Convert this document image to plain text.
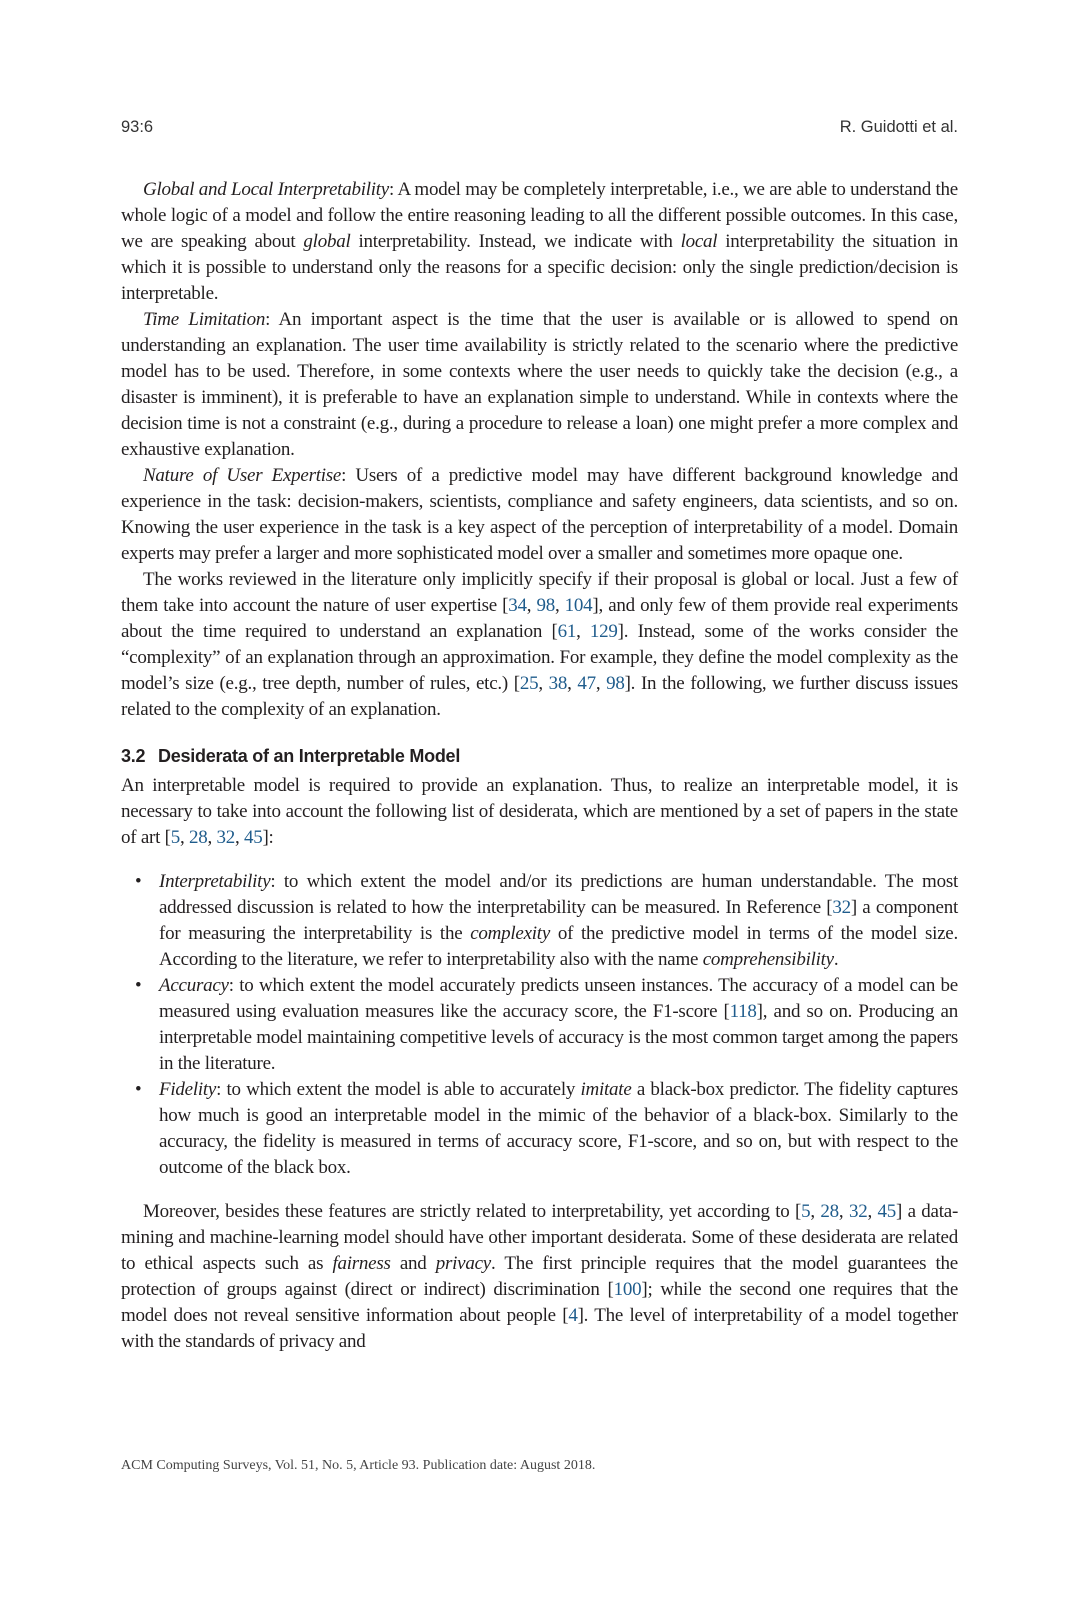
93:6	R. Guidotti et al.

Global and Local Interpretability: A model may be completely interpretable, i.e., we are able to understand the whole logic of a model and follow the entire reasoning leading to all the different possible outcomes. In this case, we are speaking about global interpretability. Instead, we indicate with local interpretability the situation in which it is possible to understand only the reasons for a specific decision: only the single prediction/decision is interpretable.

Time Limitation: An important aspect is the time that the user is available or is allowed to spend on understanding an explanation. The user time availability is strictly related to the scenario where the predictive model has to be used. Therefore, in some contexts where the user needs to quickly take the decision (e.g., a disaster is imminent), it is preferable to have an explanation simple to understand. While in contexts where the decision time is not a constraint (e.g., during a procedure to release a loan) one might prefer a more complex and exhaustive explanation.

Nature of User Expertise: Users of a predictive model may have different background knowledge and experience in the task: decision-makers, scientists, compliance and safety engineers, data scientists, and so on. Knowing the user experience in the task is a key aspect of the perception of interpretability of a model. Domain experts may prefer a larger and more sophisticated model over a smaller and sometimes more opaque one.

The works reviewed in the literature only implicitly specify if their proposal is global or local. Just a few of them take into account the nature of user expertise [34, 98, 104], and only few of them provide real experiments about the time required to understand an explanation [61, 129]. Instead, some of the works consider the “complexity” of an explanation through an approximation. For example, they define the model complexity as the model’s size (e.g., tree depth, number of rules, etc.) [25, 38, 47, 98]. In the following, we further discuss issues related to the complexity of an explanation.

3.2 Desiderata of an Interpretable Model

An interpretable model is required to provide an explanation. Thus, to realize an interpretable model, it is necessary to take into account the following list of desiderata, which are mentioned by a set of papers in the state of art [5, 28, 32, 45]:

• Interpretability: to which extent the model and/or its predictions are human understandable. The most addressed discussion is related to how the interpretability can be measured. In Reference [32] a component for measuring the interpretability is the complexity of the predictive model in terms of the model size. According to the literature, we refer to interpretability also with the name comprehensibility.
• Accuracy: to which extent the model accurately predicts unseen instances. The accuracy of a model can be measured using evaluation measures like the accuracy score, the F1-score [118], and so on. Producing an interpretable model maintaining competitive levels of accuracy is the most common target among the papers in the literature.
• Fidelity: to which extent the model is able to accurately imitate a black-box predictor. The fidelity captures how much is good an interpretable model in the mimic of the behavior of a black-box. Similarly to the accuracy, the fidelity is measured in terms of accuracy score, F1-score, and so on, but with respect to the outcome of the black box.

Moreover, besides these features are strictly related to interpretability, yet according to [5, 28, 32, 45] a data-mining and machine-learning model should have other important desiderata. Some of these desiderata are related to ethical aspects such as fairness and privacy. The first principle requires that the model guarantees the protection of groups against (direct or indirect) discrimination [100]; while the second one requires that the model does not reveal sensitive information about people [4]. The level of interpretability of a model together with the standards of privacy and

ACM Computing Surveys, Vol. 51, No. 5, Article 93. Publication date: August 2018.
